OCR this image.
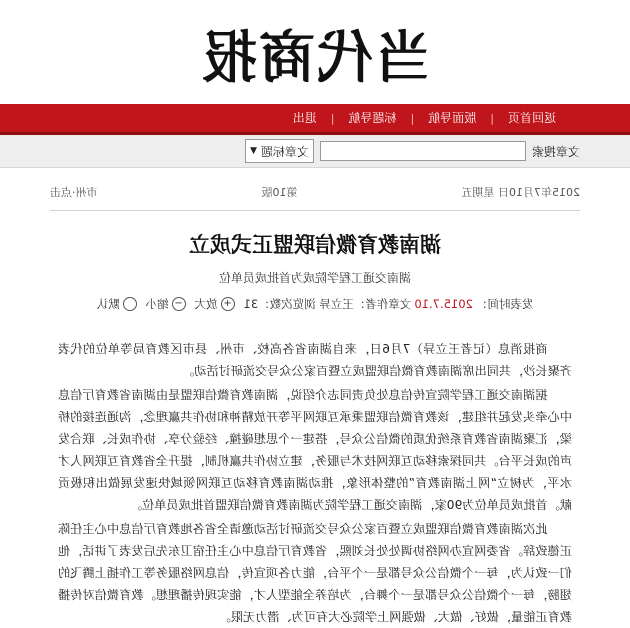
当代商报
返回首页
|
版面导航
|
标题导航
|
退出
文章搜索
文章标题
▼
2015年7月10日 星期五
第10版
市州·点击
湖南教育微信联盟正式成立
湖南交通工程学院成为首批成员单位
发表时间：
2015.7.10
文章作者：王立异 浏览次数：31
+
放大
−
缩小
默认

商报消息（记者王立异）7月6日，来自湖南省各高校、市州、县市区教育局等单位的代表齐聚长沙，共同出席湖南教育微信联盟成立暨百家公众号交流研讨活动。

据湖南交通工程学院宣传信息处负责同志介绍说，湖南教育微信联盟是由湖南省教育厅信息中心牵头发起并组建，该教育微信联盟秉承互联网平等开放精神和协作共赢理念，沟通连接的桥梁，汇聚湖南省教育系统优质的微信公众号，搭建一个思想碰撞、经验分享、协作成长、联合发声的成长平台。共同探索移动互联网技术与服务，建立协作共赢机制，提升全省教育互联网人才水平，为树立“网上湖南教育”的整体形象，推动湖南教育移动互联网领域快速发展做出积极贡献。首批成员单位为90家，湖南交通工程学院为湖南教育微信联盟首批成员单位。

此次湖南教育微信联盟成立暨百家公众号交流研讨活动邀请全省各地教育厅信息中心主任陈正德致辞。省委网宣办网络协调处处长刘熙，省教育厅信息中心主任宿卫东先后发表了讲话，他们一致认为，每一个微信公众号都是一个平台，能力各项宣传，信息网络服务等工作插上腾飞的翅膀，每一个微信公众号都是一个舞台，为培养全能型人才，能实现传播理想。教育微信对传播教育正能量，做好、做大、做强网上学院必大有可为、潜力无限。
